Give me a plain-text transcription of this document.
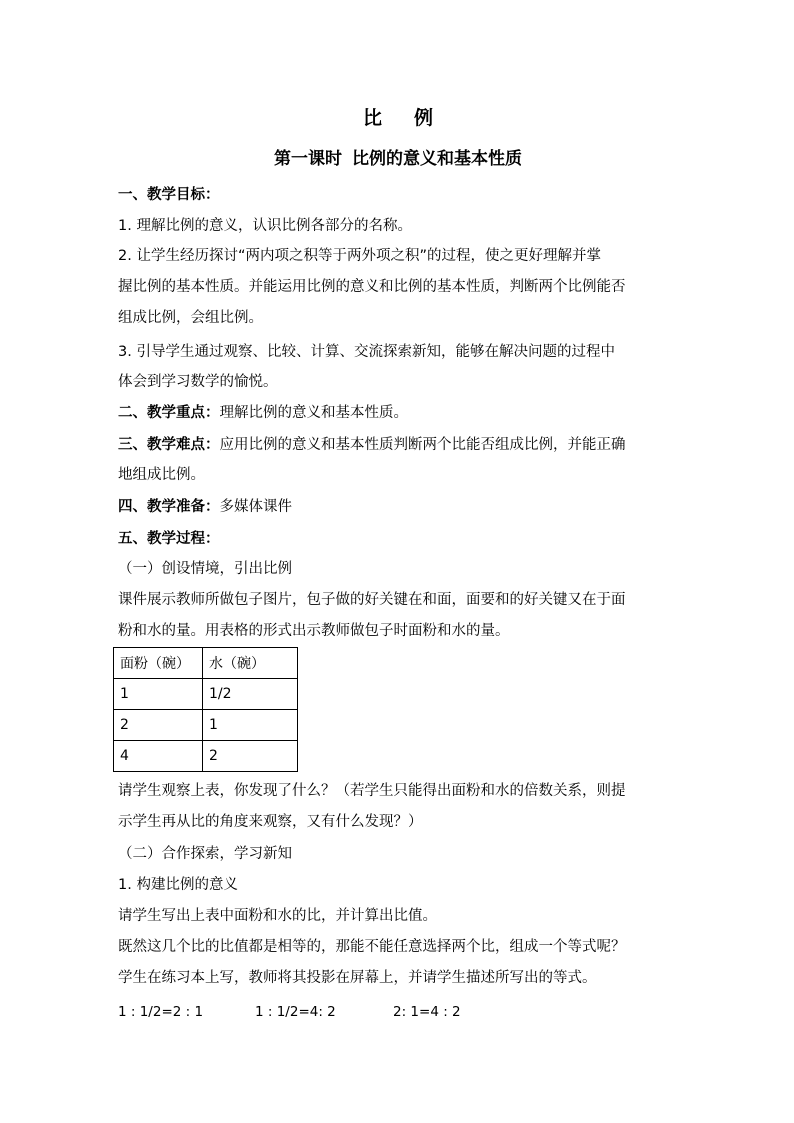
比 例
第一课时 比例的意义和基本性质
一、教学目标：
1. 理解比例的意义，认识比例各部分的名称。
2. 让学生经历探讨“两内项之积等于两外项之积”的过程，使之更好理解并掌
握比例的基本性质。并能运用比例的意义和比例的基本性质，判断两个比例能否
组成比例，会组比例。
3. 引导学生通过观察、比较、计算、交流探索新知，能够在解决问题的过程中
体会到学习数学的愉悦。
二、教学重点：理解比例的意义和基本性质。
三、教学难点：应用比例的意义和基本性质判断两个比能否组成比例，并能正确
地组成比例。
四、教学准备：多媒体课件
五、教学过程：
（一）创设情境，引出比例
课件展示教师所做包子图片，包子做的好关键在和面，面要和的好关键又在于面
粉和水的量。用表格的形式出示教师做包子时面粉和水的量。
面粉（碗）	水（碗）
1	1/2
2	1
4	2
请学生观察上表，你发现了什么？（若学生只能得出面粉和水的倍数关系，则提
示学生再从比的角度来观察，又有什么发现？）
（二）合作探索，学习新知
1. 构建比例的意义
请学生写出上表中面粉和水的比，并计算出比值。
既然这几个比的比值都是相等的，那能不能任意选择两个比，组成一个等式呢？
学生在练习本上写，教师将其投影在屏幕上，并请学生描述所写出的等式。
1 : 1/2=2 : 1	1 : 1/2=4: 2	2: 1=4 : 2
